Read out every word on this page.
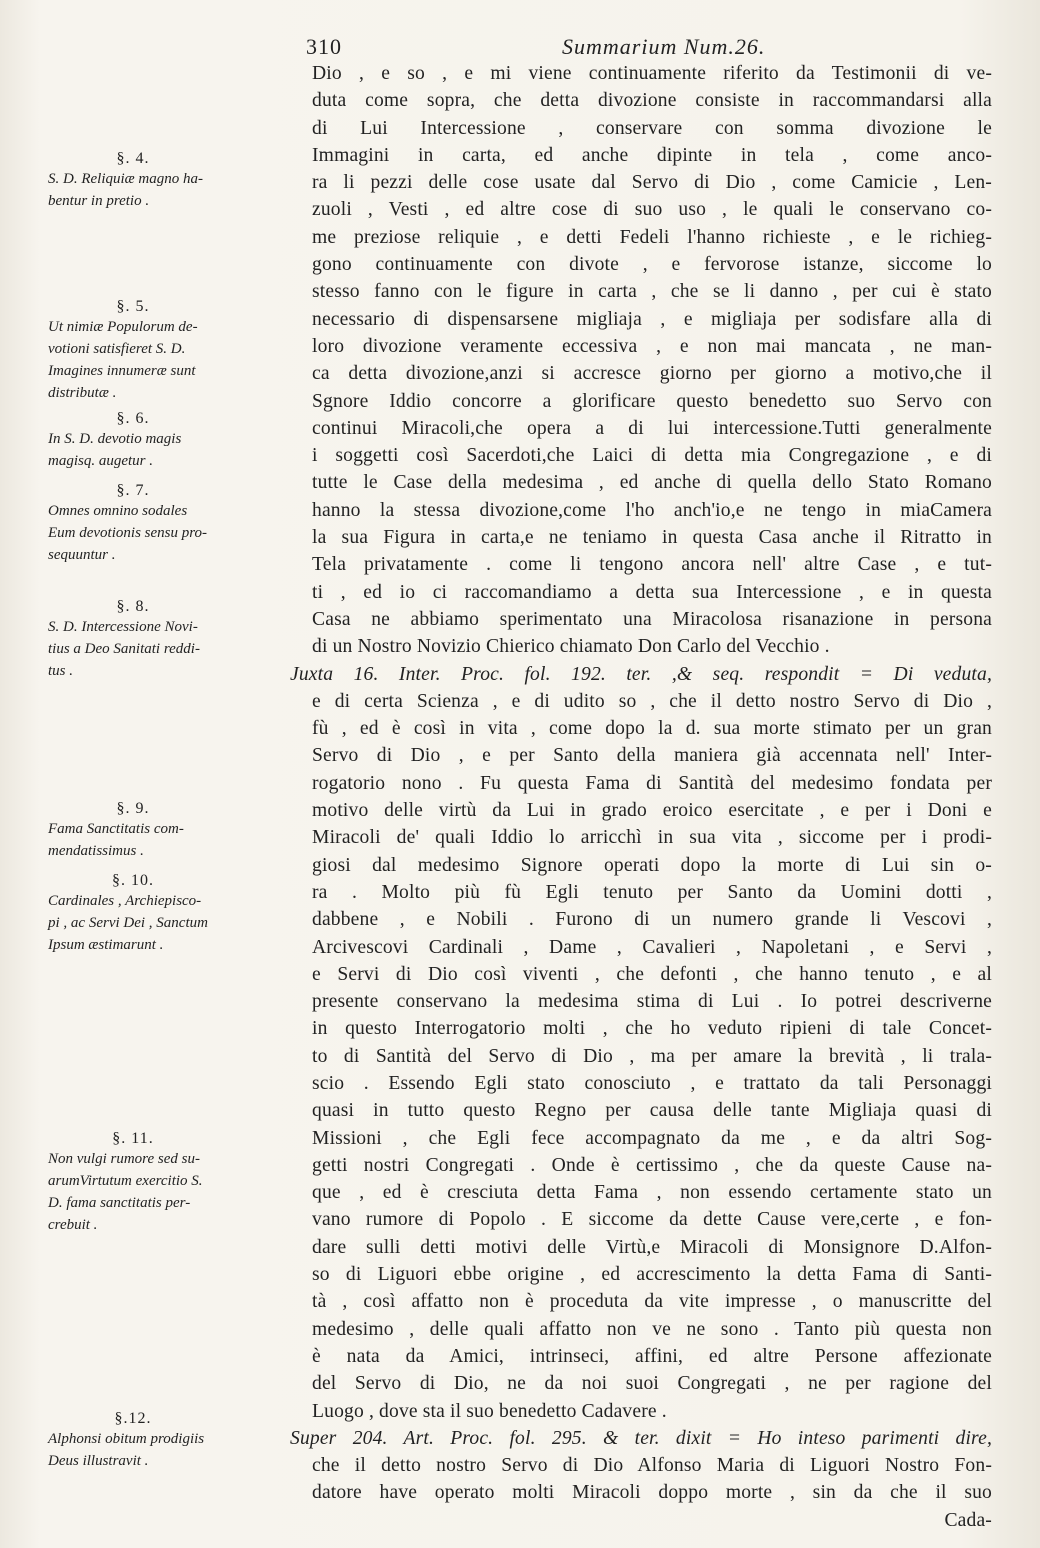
310	Summarium Num.26.
§. 4.
S. D. Reliquiæ magno ha-
bentur in pretio .
§. 5.
Ut nimiæ Populorum de-
votioni satisfieret S. D.
Imagines innumeræ sunt
distributæ .
§. 6.
In S. D. devotio magis
magisq. augetur .
§. 7.
Omnes omnino sodales
Eum devotionis sensu pro-
sequuntur .
§. 8.
S. D. Intercessione Novi-
tius a Deo Sanitati reddi-
tus .
§. 9.
Fama Sanctitatis com-
mendatissimus .
§. 10.
Cardinales , Archiepisco-
pi , ac Servi Dei , Sanctum
Ipsum æstimarunt .
§. 11.
Non vulgi rumore sed su-
arumVirtutum exercitio S.
D. fama sanctitatis per-
crebuit .
§.12.
Alphonsi obitum prodigiis
Deus illustravit .
Dio , e so , e mi viene continuamente riferito da Testimonii di ve-
duta come sopra, che detta divozione consiste in raccommandarsi alla
di Lui Intercessione , conservare con somma divozione le
Immagini in carta, ed anche dipinte in tela , come anco-
ra li pezzi delle cose usate dal Servo di Dio , come Camicie , Len-
zuoli , Vesti , ed altre cose di suo uso , le quali le conservano co-
me preziose reliquie , e detti Fedeli l'hanno richieste , e le richieg-
gono continuamente con divote , e fervorose istanze, siccome lo
stesso fanno con le figure in carta , che se li danno , per cui è stato
necessario di dispensarsene migliaja , e migliaja per sodisfare alla di
loro divozione veramente eccessiva , e non mai mancata , ne man-
ca detta divozione,anzi si accresce giorno per giorno a motivo,che il
Sgnore Iddio concorre a glorificare questo benedetto suo Servo con
continui Miracoli,che opera a di lui intercessione.Tutti generalmente
i soggetti così Sacerdoti,che Laici di detta mia Congregazione , e di
tutte le Case della medesima , ed anche di quella dello Stato Romano
hanno la stessa divozione,come l'ho anch'io,e ne tengo in miaCamera
la sua Figura in carta,e ne teniamo in questa Casa anche il Ritratto in
Tela privatamente . come li tengono ancora nell' altre Case , e tut-
ti , ed io ci raccomandiamo a detta sua Intercessione , e in questa
Casa ne abbiamo sperimentato una Miracolosa risanazione in persona
di un Nostro Novizio Chierico chiamato Don Carlo del Vecchio .
Juxta 16. Inter. Proc. fol. 192. ter. ,& seq. respondit = Di veduta,
e di certa Scienza , e di udito so , che il detto nostro Servo di Dio ,
fù , ed è così in vita , come dopo la d. sua morte stimato per un gran
Servo di Dio , e per Santo della maniera già accennata nell' Inter-
rogatorio nono . Fu questa Fama di Santità del medesimo fondata per
motivo delle virtù da Lui in grado eroico esercitate , e per i Doni e
Miracoli de' quali Iddio lo arricchì in sua vita , siccome per i prodi-
giosi dal medesimo Signore operati dopo la morte di Lui sin o-
ra . Molto più fù Egli tenuto per Santo da Uomini dotti ,
dabbene , e Nobili . Furono di un numero grande li Vescovi ,
Arcivescovi Cardinali , Dame , Cavalieri , Napoletani , e Servi ,
e Servi di Dio così viventi , che defonti , che hanno tenuto , e al
presente conservano la medesima stima di Lui . Io potrei descriverne
in questo Interrogatorio molti , che ho veduto ripieni di tale Concet-
to di Santità del Servo di Dio , ma per amare la brevità , li trala-
scio . Essendo Egli stato conosciuto , e trattato da tali Personaggi
quasi in tutto questo Regno per causa delle tante Migliaja quasi di
Missioni , che Egli fece accompagnato da me , e da altri Sog-
getti nostri Congregati . Onde è certissimo , che da queste Cause na-
que , ed è cresciuta detta Fama , non essendo certamente stato un
vano rumore di Popolo . E siccome da dette Cause vere,certe , e fon-
dare sulli detti motivi delle Virtù,e Miracoli di Monsignore D.Alfon-
so di Liguori ebbe origine , ed accrescimento la detta Fama di Santi-
tà , così affatto non è proceduta da vite impresse , o manuscritte del
medesimo , delle quali affatto non ve ne sono . Tanto più questa non
è nata da Amici, intrinseci, affini, ed altre Persone affezionate
del Servo di Dio, ne da noi suoi Congregati , ne per ragione del
Luogo , dove sta il suo benedetto Cadavere .
Super 204. Art. Proc. fol. 295. & ter. dixit = Ho inteso parimenti dire,
che il detto nostro Servo di Dio Alfonso Maria di Liguori Nostro Fon-
datore have operato molti Miracoli doppo morte , sin da che il suo
Cada-
